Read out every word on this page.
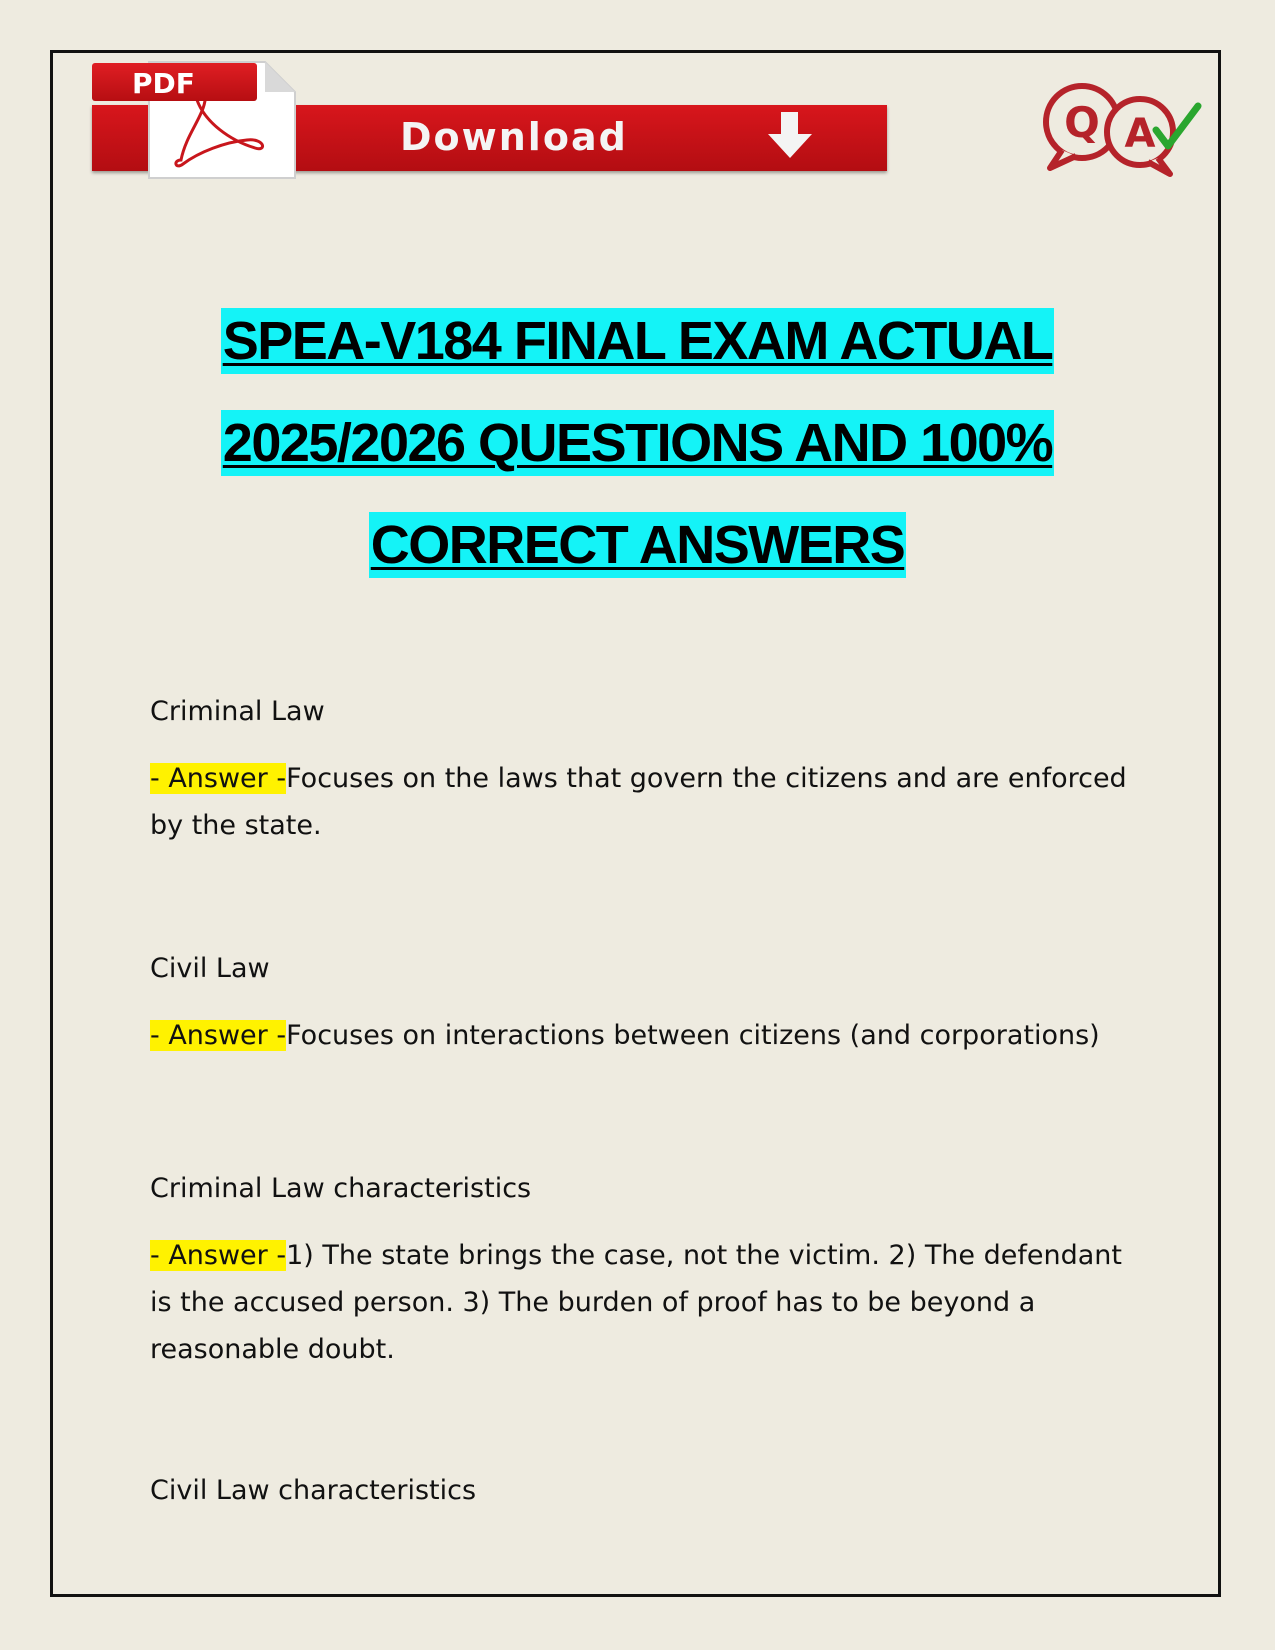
Download
PDF
Q A
SPEA-V184 FINAL EXAM ACTUAL
2025/2026 QUESTIONS AND 100%
CORRECT ANSWERS

Criminal Law

- Answer -Focuses on the laws that govern the citizens and are enforced by the state.

Civil Law

- Answer -Focuses on interactions between citizens (and corporations)

Criminal Law characteristics

- Answer -1) The state brings the case, not the victim. 2) The defendant is the accused person. 3) The burden of proof has to be beyond a reasonable doubt.

Civil Law characteristics
